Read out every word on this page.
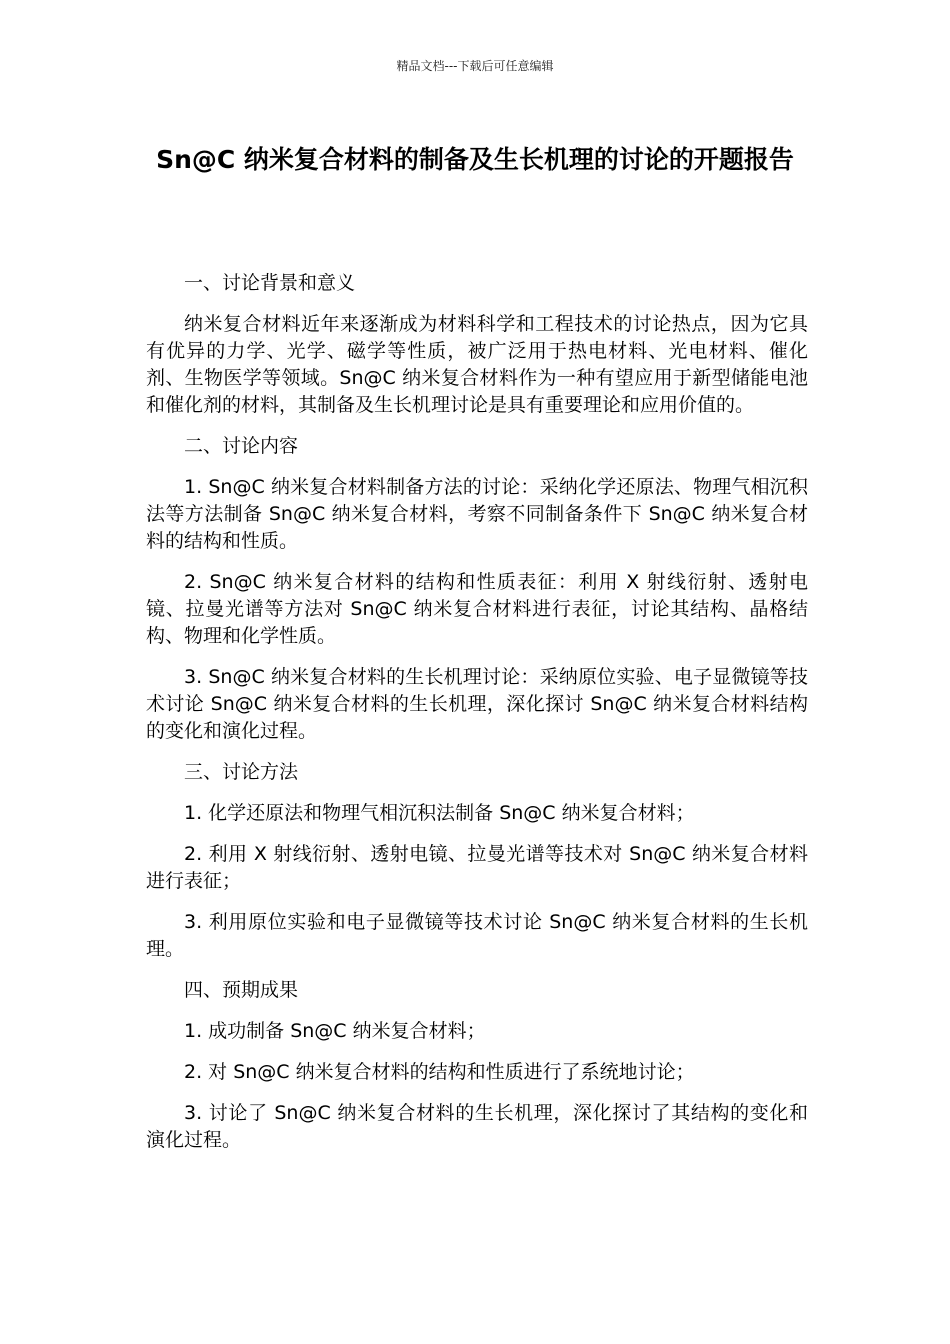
精品文档---下载后可任意编辑
Sn@C 纳米复合材料的制备及生长机理的讨论的开题报告

一、讨论背景和意义

纳米复合材料近年来逐渐成为材料科学和工程技术的讨论热点，因为它具有优异的力学、光学、磁学等性质，被广泛用于热电材料、光电材料、催化剂、生物医学等领域。Sn@C 纳米复合材料作为一种有望应用于新型储能电池和催化剂的材料，其制备及生长机理讨论是具有重要理论和应用价值的。

二、讨论内容

1. Sn@C 纳米复合材料制备方法的讨论：采纳化学还原法、物理气相沉积法等方法制备 Sn@C 纳米复合材料，考察不同制备条件下 Sn@C 纳米复合材料的结构和性质。

2. Sn@C 纳米复合材料的结构和性质表征：利用 X 射线衍射、透射电镜、拉曼光谱等方法对 Sn@C 纳米复合材料进行表征，讨论其结构、晶格结构、物理和化学性质。

3. Sn@C 纳米复合材料的生长机理讨论：采纳原位实验、电子显微镜等技术讨论 Sn@C 纳米复合材料的生长机理，深化探讨 Sn@C 纳米复合材料结构的变化和演化过程。

三、讨论方法

1. 化学还原法和物理气相沉积法制备 Sn@C 纳米复合材料；

2. 利用 X 射线衍射、透射电镜、拉曼光谱等技术对 Sn@C 纳米复合材料进行表征；

3. 利用原位实验和电子显微镜等技术讨论 Sn@C 纳米复合材料的生长机理。

四、预期成果

1. 成功制备 Sn@C 纳米复合材料；

2. 对 Sn@C 纳米复合材料的结构和性质进行了系统地讨论；

3. 讨论了 Sn@C 纳米复合材料的生长机理，深化探讨了其结构的变化和演化过程。
